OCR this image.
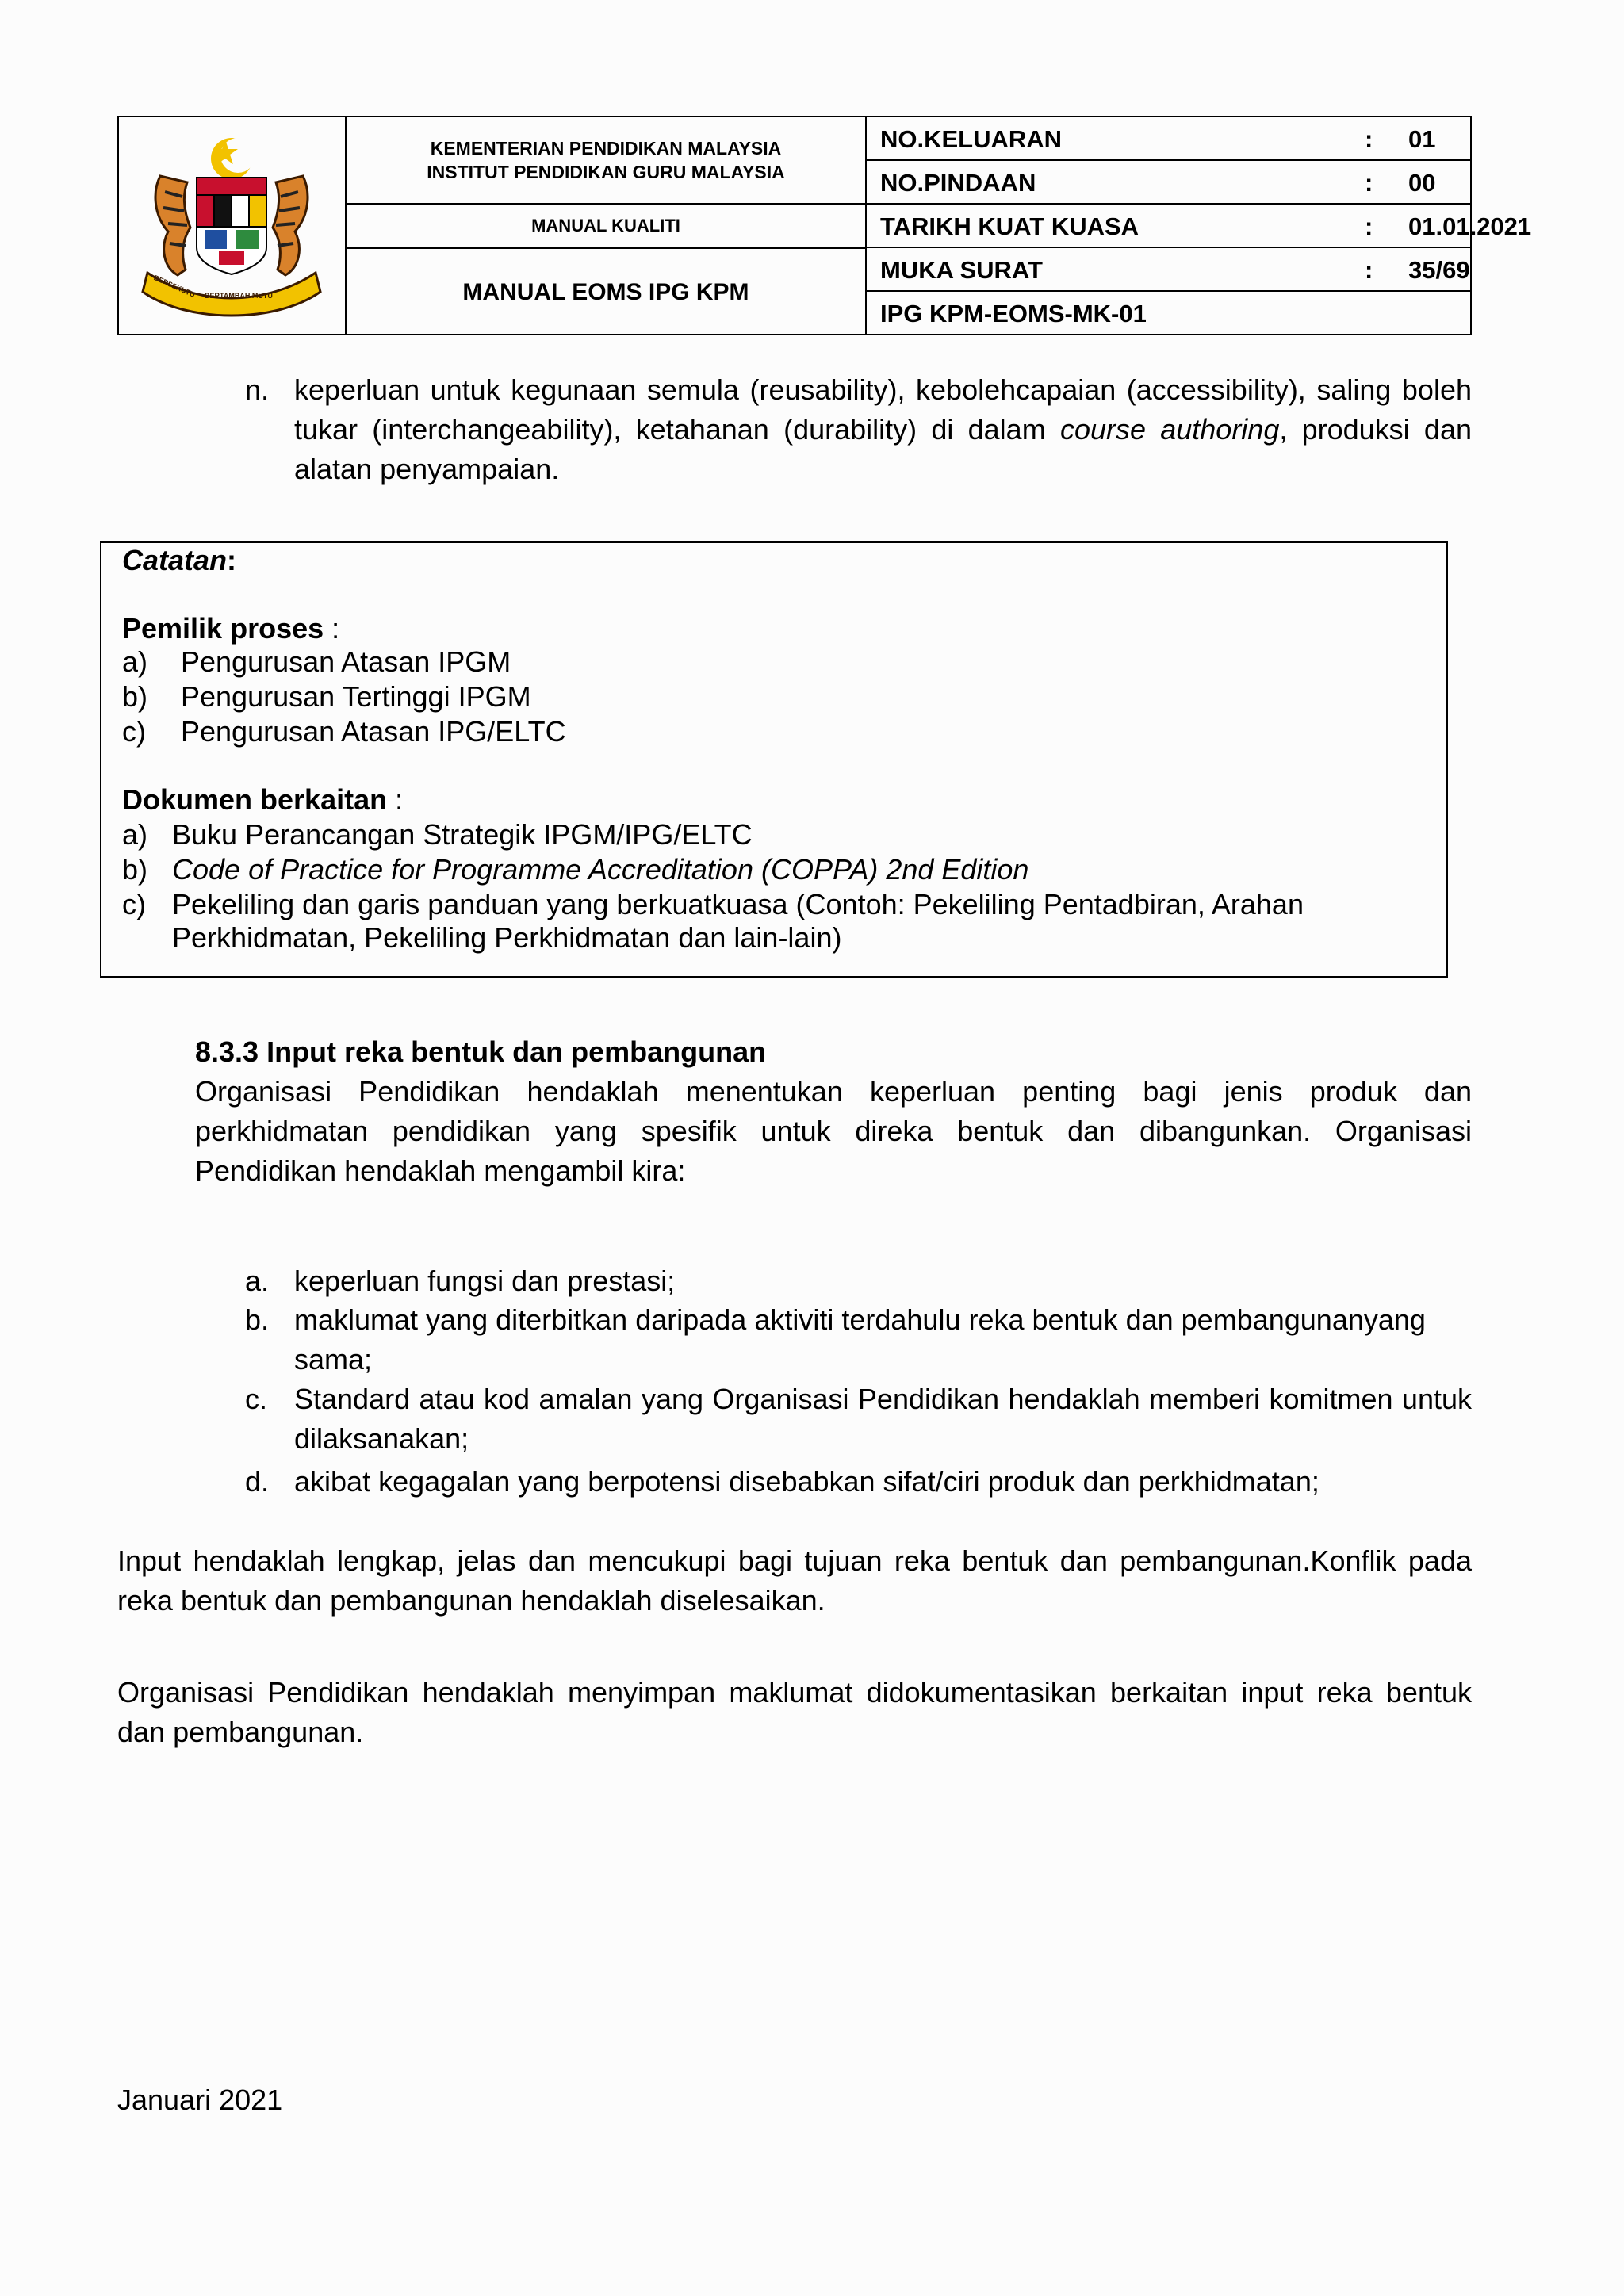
BERSEKUTU BERTAMBAH MUTU
KEMENTERIAN PENDIDIKAN MALAYSIA
INSTITUT PENDIDIKAN GURU MALAYSIA
MANUAL KUALITI
MANUAL EOMS IPG KPM
NO.KELUARAN	: 01
NO.PINDAAN	: 00
TARIKH KUAT KUASA	: 01.01.2021
MUKA SURAT	: 35/69
IPG KPM-EOMS-MK-01
n. keperluan untuk kegunaan semula (reusability), kebolehcapaian (accessibility), saling boleh tukar (interchangeability), ketahanan (durability) di dalam course authoring, produksi dan alatan penyampaian.
Catatan:
Pemilik proses :
a) Pengurusan Atasan IPGM
b) Pengurusan Tertinggi IPGM
c) Pengurusan Atasan IPG/ELTC
Dokumen berkaitan :
a) Buku Perancangan Strategik IPGM/IPG/ELTC
b) Code of Practice for Programme Accreditation (COPPA) 2nd Edition
c) Pekeliling dan garis panduan yang berkuatkuasa (Contoh: Pekeliling Pentadbiran, Arahan
Perkhidmatan, Pekeliling Perkhidmatan dan lain-lain)
8.3.3 Input reka bentuk dan pembangunan
Organisasi Pendidikan hendaklah menentukan keperluan penting bagi jenis produk dan perkhidmatan pendidikan yang spesifik untuk direka bentuk dan dibangunkan. Organisasi Pendidikan hendaklah mengambil kira:
a. keperluan fungsi dan prestasi;
b. maklumat yang diterbitkan daripada aktiviti terdahulu reka bentuk dan pembangunanyang sama;
c. Standard atau kod amalan yang Organisasi Pendidikan hendaklah memberi komitmen untuk dilaksanakan;
d. akibat kegagalan yang berpotensi disebabkan sifat/ciri produk dan perkhidmatan;
Input hendaklah lengkap, jelas dan mencukupi bagi tujuan reka bentuk dan pembangunan.Konflik pada reka bentuk dan pembangunan hendaklah diselesaikan.
Organisasi Pendidikan hendaklah menyimpan maklumat didokumentasikan berkaitan input reka bentuk dan pembangunan.
Januari 2021
